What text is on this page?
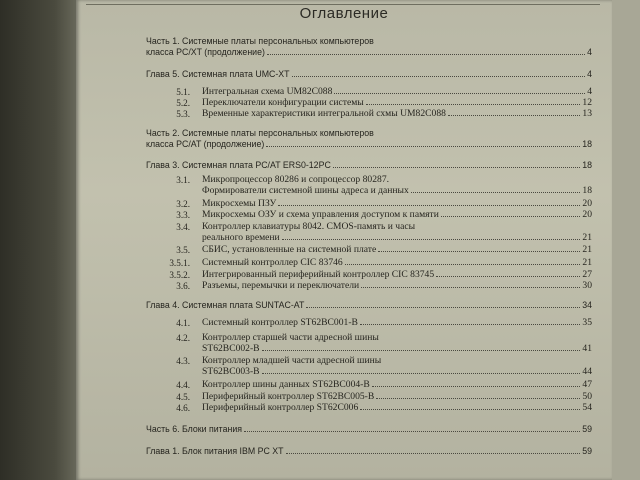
Оглавление
Часть 1. Системные платы персональных компьютеров
класса PC/XT (продолжение)	4
Глава 5. Системная плата UMC-XT	4
5.1. Интегральная схема UM82C088	4
5.2. Переключатели конфигурации системы	12
5.3. Временные характеристики интегральной схмы UM82C088	13
Часть 2. Системные платы персональных компьютеров
класса PC/AT (продолжение)	18
Глава 3. Системная плата PC/AT ERS0-12PC	18
3.1. Микропроцессор 80286 и сопроцессор 80287.
Формирователи системной шины адреса и данных	18
3.2. Микросхемы ПЗУ	20
3.3. Микросхемы ОЗУ и схема управления доступом к памяти	20
3.4. Контроллер клавиатуры 8042. CMOS-память и часы
реального времени	21
3.5. СБИС, установленные на системной плате	21
3.5.1. Системный контроллер CIC 83746	21
3.5.2. Интегрированный периферийный контроллер CIC 83745	27
3.6. Разъемы, перемычки и переключатели	30
Глава 4. Системная плата SUNTAC-AT	34
4.1. Системный контроллер ST62BC001-B	35
4.2. Контроллер старшей части адресной шины
ST62BC002-B	41
4.3. Контроллер младшей части адресной шины
ST62BC003-B	44
4.4. Контроллер шины данных ST62BC004-B	47
4.5. Периферийный контроллер ST62BC005-B	50
4.6. Периферийный контроллер ST62C006	54
Часть 6. Блоки питания	59
Глава 1. Блок питания IBM PC XT	59
